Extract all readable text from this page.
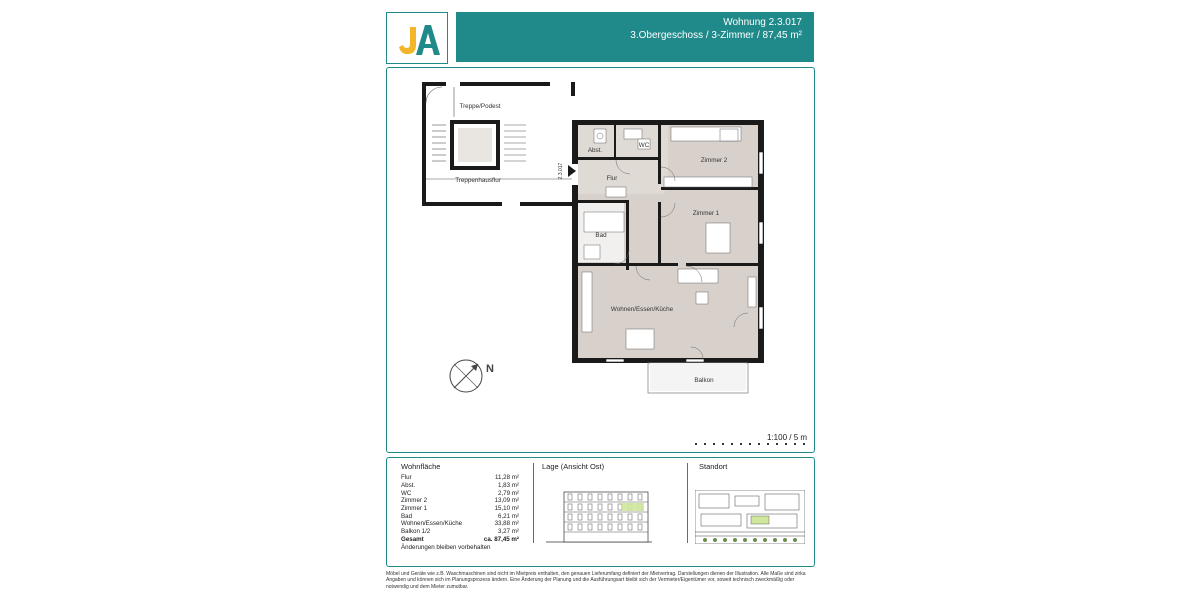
Wohnung 2.3.017
3.Obergeschoss / 3-Zimmer / 87,45 m²
Treppe/Podest
Treppenhausflur
2.3.017
Abst.
WC
Zimmer 2
Flur
Zimmer 1
Bad
Wohnen/Essen/Küche
Balkon
N
1:100 / 5 m
Wohnfläche	Lage (Ansicht Ost)	Standort
Flur	11,28 m²
Abst.	1,83 m²
WC	2,79 m²
Zimmer 2	13,09 m²
Zimmer 1	15,10 m²
Bad	6,21 m²
Wohnen/Essen/Küche	33,88 m²
Balkon 1/2	3,27 m²
Gesamt	ca. 87,45 m²
Änderungen bleiben vorbehalten
Möbel und Geräte wie z.B. Waschmaschinen sind nicht im Mietpreis enthalten, den genauen Lieferumfang definiert der Mietvertrag. Darstellungen dienen der Illustration. Alle Maße sind zirka Angaben und können sich im Planungsprozess ändern. Eine Änderung der Planung und die Ausführungsart bleibt sich der Vermieter/Eigentümer vor, soweit technisch zweckmäßig oder notwendig und dem Mieter zumutbar.
